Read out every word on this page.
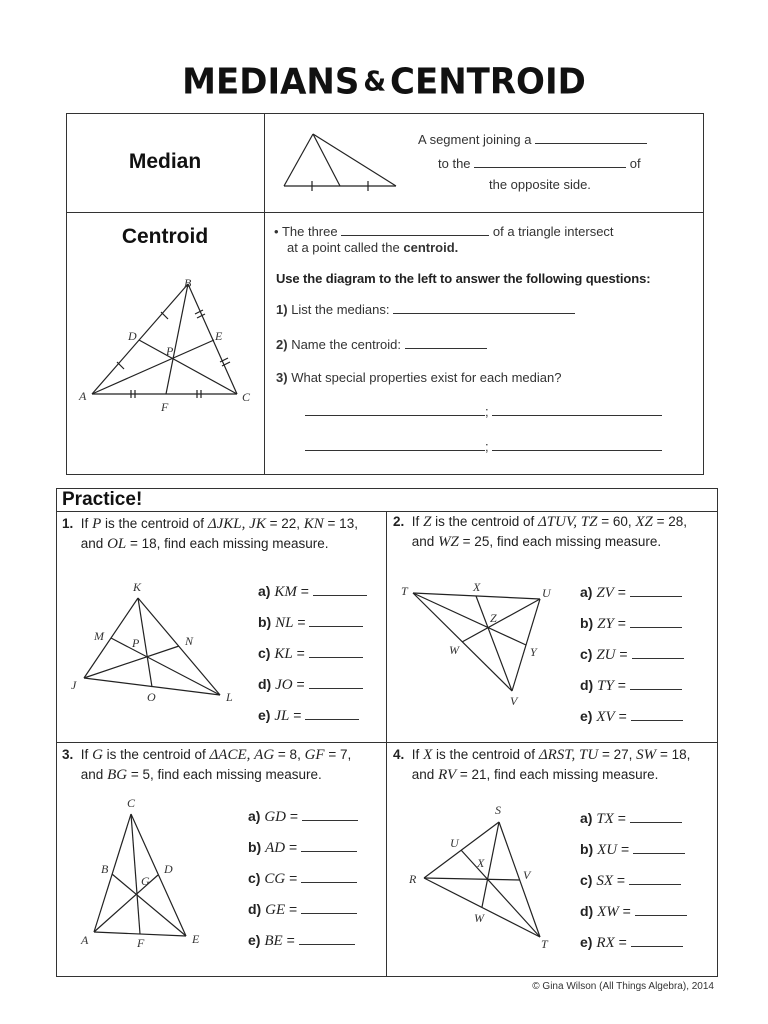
MEDIANS & CENTROID
Median
A segment joining a
to the	of
the opposite side.
Centroid
B
D	E
P
A	C
F
• The three	of a triangle intersect
at a point called the centroid.
Use the diagram to the left to answer the following questions:
1) List the medians:
2) Name the centroid:
3) What special properties exist for each median?
;
;
Practice!
1. If P is the centroid of ΔJKL, JK = 22, KN = 13,
and OL = 18, find each missing measure.
K
M	N
P
J
O	L
a) KM =
b) NL =
c) KL =
d) JO =
e) JL =
2. If Z is the centroid of ΔTUV, TZ = 60, XZ = 28,
and WZ = 25, find each missing measure.
T	X	U
Z
W	Y
V
a) ZV =
b) ZY =
c) ZU =
d) TY =
e) XV =
3. If G is the centroid of ΔACE, AG = 8, GF = 7,
and BG = 5, find each missing measure.
C
B	D
G
A	F	E
a) GD =
b) AD =
c) CG =
d) GE =
e) BE =
4. If X is the centroid of ΔRST, TU = 27, SW = 18,
and RV = 21, find each missing measure.
S
U
X
R	V
W
T
a) TX =
b) XU =
c) SX =
d) XW =
e) RX =
© Gina Wilson (All Things Algebra), 2014
